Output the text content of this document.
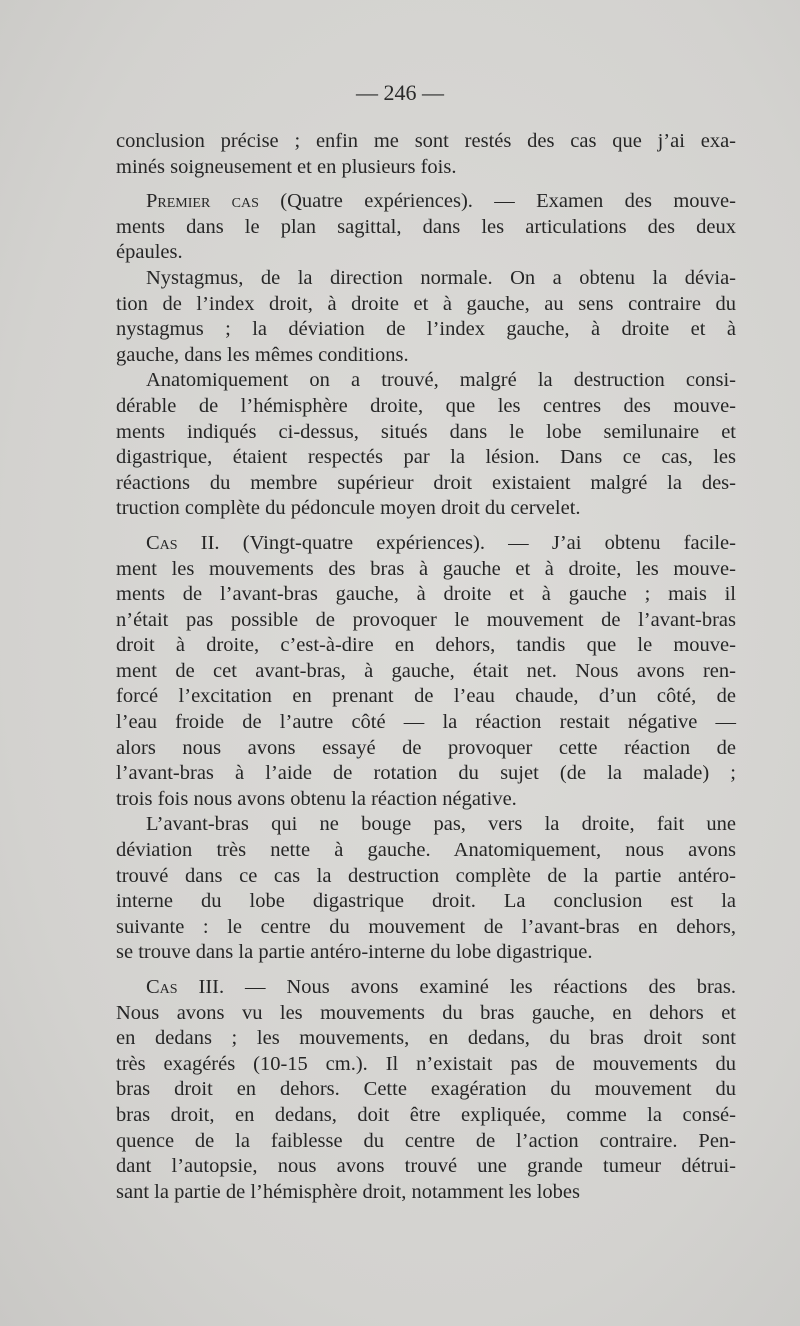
— 246 —
conclusion précise ; enfin me sont restés des cas que j’ai exa-
minés soigneusement et en plusieurs fois.
Premier cas (Quatre expériences). — Examen des mouve-
ments dans le plan sagittal, dans les articulations des deux
épaules.
Nystagmus, de la direction normale. On a obtenu la dévia-
tion de l’index droit, à droite et à gauche, au sens contraire du
nystagmus ; la déviation de l’index gauche, à droite et à
gauche, dans les mêmes conditions.
Anatomiquement on a trouvé, malgré la destruction consi-
dérable de l’hémisphère droite, que les centres des mouve-
ments indiqués ci-dessus, situés dans le lobe semilunaire et
digastrique, étaient respectés par la lésion. Dans ce cas, les
réactions du membre supérieur droit existaient malgré la des-
truction complète du pédoncule moyen droit du cervelet.
Cas II. (Vingt-quatre expériences). — J’ai obtenu facile-
ment les mouvements des bras à gauche et à droite, les mouve-
ments de l’avant-bras gauche, à droite et à gauche ; mais il
n’était pas possible de provoquer le mouvement de l’avant-bras
droit à droite, c’est-à-dire en dehors, tandis que le mouve-
ment de cet avant-bras, à gauche, était net. Nous avons ren-
forcé l’excitation en prenant de l’eau chaude, d’un côté, de
l’eau froide de l’autre côté — la réaction restait négative —
alors nous avons essayé de provoquer cette réaction de
l’avant-bras à l’aide de rotation du sujet (de la malade) ;
trois fois nous avons obtenu la réaction négative.
L’avant-bras qui ne bouge pas, vers la droite, fait une
déviation très nette à gauche. Anatomiquement, nous avons
trouvé dans ce cas la destruction complète de la partie antéro-
interne du lobe digastrique droit. La conclusion est la
suivante : le centre du mouvement de l’avant-bras en dehors,
se trouve dans la partie antéro-interne du lobe digastrique.
Cas III. — Nous avons examiné les réactions des bras.
Nous avons vu les mouvements du bras gauche, en dehors et
en dedans ; les mouvements, en dedans, du bras droit sont
très exagérés (10-15 cm.). Il n’existait pas de mouvements du
bras droit en dehors. Cette exagération du mouvement du
bras droit, en dedans, doit être expliquée, comme la consé-
quence de la faiblesse du centre de l’action contraire. Pen-
dant l’autopsie, nous avons trouvé une grande tumeur détrui-
sant la partie de l’hémisphère droit, notamment les lobes
